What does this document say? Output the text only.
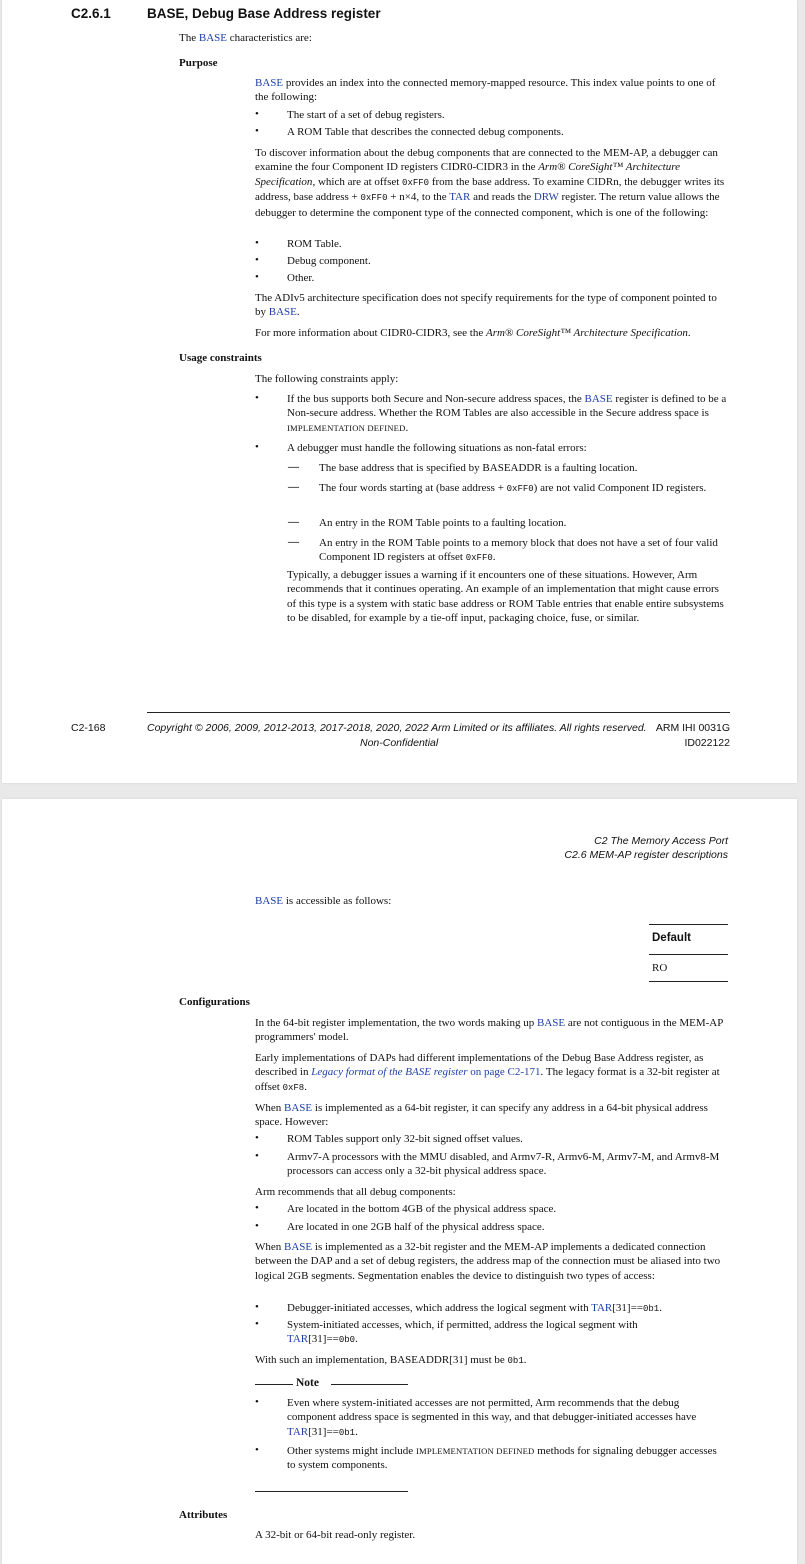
C2.6.1	BASE, Debug Base Address register

The BASE characteristics are:

Purpose

BASE provides an index into the connected memory-mapped resource. This index value points to one of the following:

•	The start of a set of debug registers.

•	A ROM Table that describes the connected debug components.

To discover information about the debug components that are connected to the MEM-AP, a debugger can examine the four Component ID registers CIDR0-CIDR3 in the Arm® CoreSight™ Architecture Specification, which are at offset 0xFF0 from the base address. To examine CIDRn, the debugger writes its address, base address + 0xFF0 + n×4, to the TAR and reads the DRW register. The return value allows the debugger to determine the component type of the connected component, which is one of the following:

•	ROM Table.

•	Debug component.

•	Other.

The ADIv5 architecture specification does not specify requirements for the type of component pointed to by BASE.

For more information about CIDR0-CIDR3, see the Arm® CoreSight™ Architecture Specification.

Usage constraints

The following constraints apply:

•	If the bus supports both Secure and Non-secure address spaces, the BASE register is defined to be a Non-secure address. Whether the ROM Tables are also accessible in the Secure address space is IMPLEMENTATION DEFINED.

•	A debugger must handle the following situations as non-fatal errors:

— The base address that is specified by BASEADDR is a faulting location.

— The four words starting at (base address + 0xFF0) are not valid Component ID registers.

— An entry in the ROM Table points to a faulting location.

— An entry in the ROM Table points to a memory block that does not have a set of four valid Component ID registers at offset 0xFF0.

Typically, a debugger issues a warning if it encounters one of these situations. However, Arm recommends that it continues operating. An example of an implementation that might cause errors of this type is a system with static base address or ROM Table entries that enable entire subsystems to be disabled, for example by a tie-off input, packaging choice, fuse, or similar.

C2-168	Copyright © 2006, 2009, 2012-2013, 2017-2018, 2020, 2022 Arm Limited or its affiliates. All rights reserved. ARM IHI 0031G
ID022122
Non-Confidential
C2 The Memory Access Port
C2.6 MEM-AP register descriptions

BASE is accessible as follows:

Default
RO
Configurations

In the 64-bit register implementation, the two words making up BASE are not contiguous in the MEM-AP programmers' model.

Early implementations of DAPs had different implementations of the Debug Base Address register, as described in Legacy format of the BASE register on page C2-171. The legacy format is a 32-bit register at offset 0xF8.

When BASE is implemented as a 64-bit register, it can specify any address in a 64-bit physical address space. However:

•	ROM Tables support only 32-bit signed offset values.

•	Armv7-A processors with the MMU disabled, and Armv7-R, Armv6-M, Armv7-M, and Armv8-M processors can access only a 32-bit physical address space.

Arm recommends that all debug components:

•	Are located in the bottom 4GB of the physical address space.

•	Are located in one 2GB half of the physical address space.

When BASE is implemented as a 32-bit register and the MEM-AP implements a dedicated connection between the DAP and a set of debug registers, the address map of the connection must be aliased into two logical 2GB segments. Segmentation enables the device to distinguish two types of access:

•	Debugger-initiated accesses, which address the logical segment with TAR[31]==0b1.

•	System-initiated accesses, which, if permitted, address the logical segment with TAR[31]==0b0.

With such an implementation, BASEADDR[31] must be 0b1.

Note
•	Even where system-initiated accesses are not permitted, Arm recommends that the debug component address space is segmented in this way, and that debugger-initiated accesses have TAR[31]==0b1.

•	Other systems might include IMPLEMENTATION DEFINED methods for signaling debugger accesses to system components.

Attributes

A 32-bit or 64-bit read-only register.
